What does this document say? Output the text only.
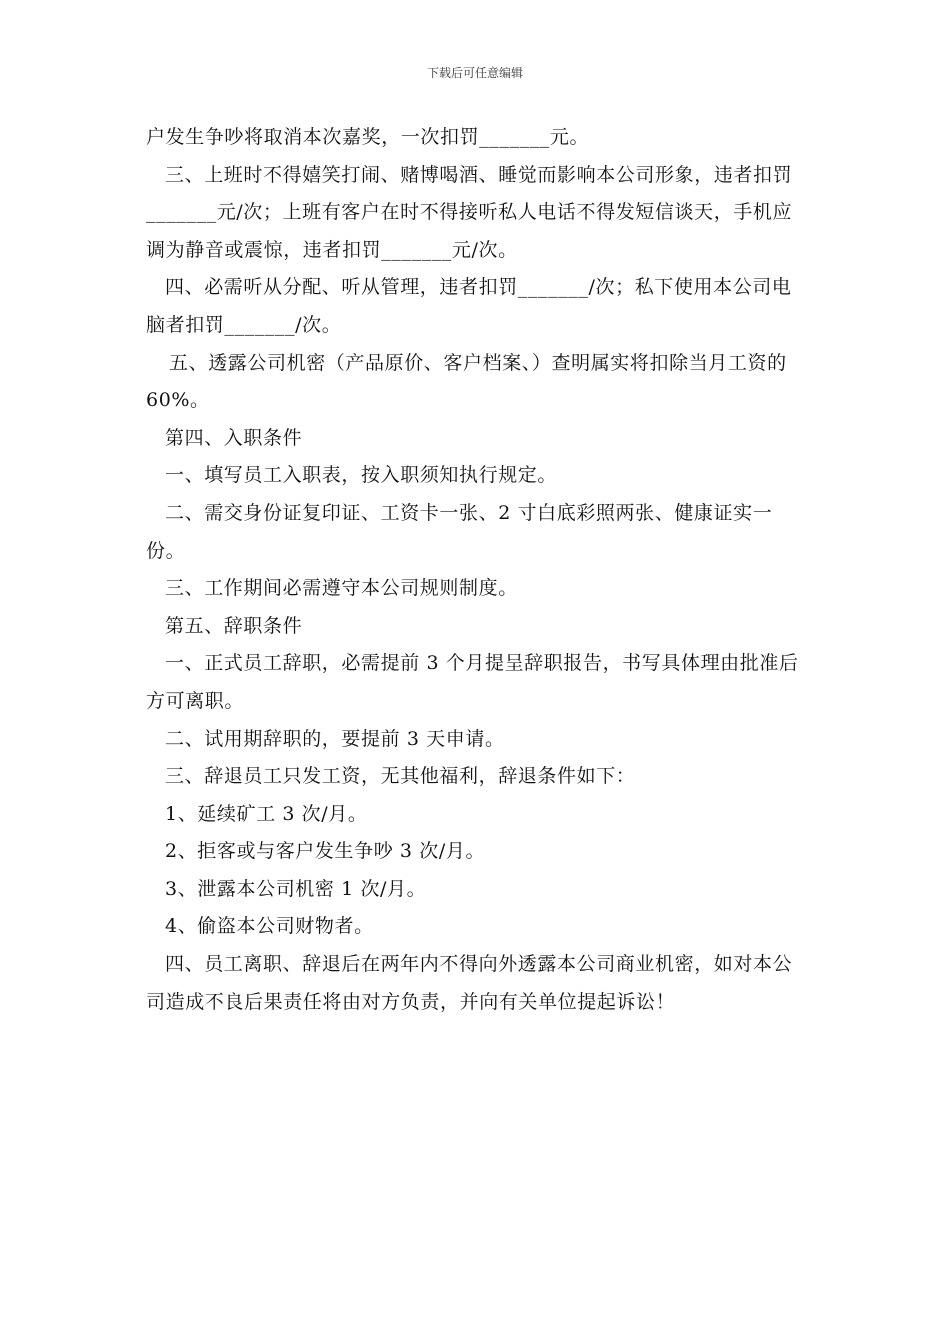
下载后可任意编辑

户发生争吵将取消本次嘉奖，一次扣罚_______元。

三、上班时不得嬉笑打闹、赌博喝酒、睡觉而影响本公司形象，违者扣罚_______元/次；上班有客户在时不得接听私人电话不得发短信谈天，手机应调为静音或震惊，违者扣罚_______元/次。

四、必需听从分配、听从管理，违者扣罚_______/次；私下使用本公司电脑者扣罚_______/次。

五、透露公司机密（产品原价、客户档案、）查明属实将扣除当月工资的 60%。

第四、入职条件

一、填写员工入职表，按入职须知执行规定。

二、需交身份证复印证、工资卡一张、2 寸白底彩照两张、健康证实一份。

三、工作期间必需遵守本公司规则制度。

第五、辞职条件

一、正式员工辞职，必需提前 3 个月提呈辞职报告，书写具体理由批准后方可离职。

二、试用期辞职的，要提前 3 天申请。

三、辞退员工只发工资，无其他福利，辞退条件如下：

1、延续矿工 3 次/月。

2、拒客或与客户发生争吵 3 次/月。

3、泄露本公司机密 1 次/月。

4、偷盗本公司财物者。

四、员工离职、辞退后在两年内不得向外透露本公司商业机密，如对本公司造成不良后果责任将由对方负责，并向有关单位提起诉讼！
